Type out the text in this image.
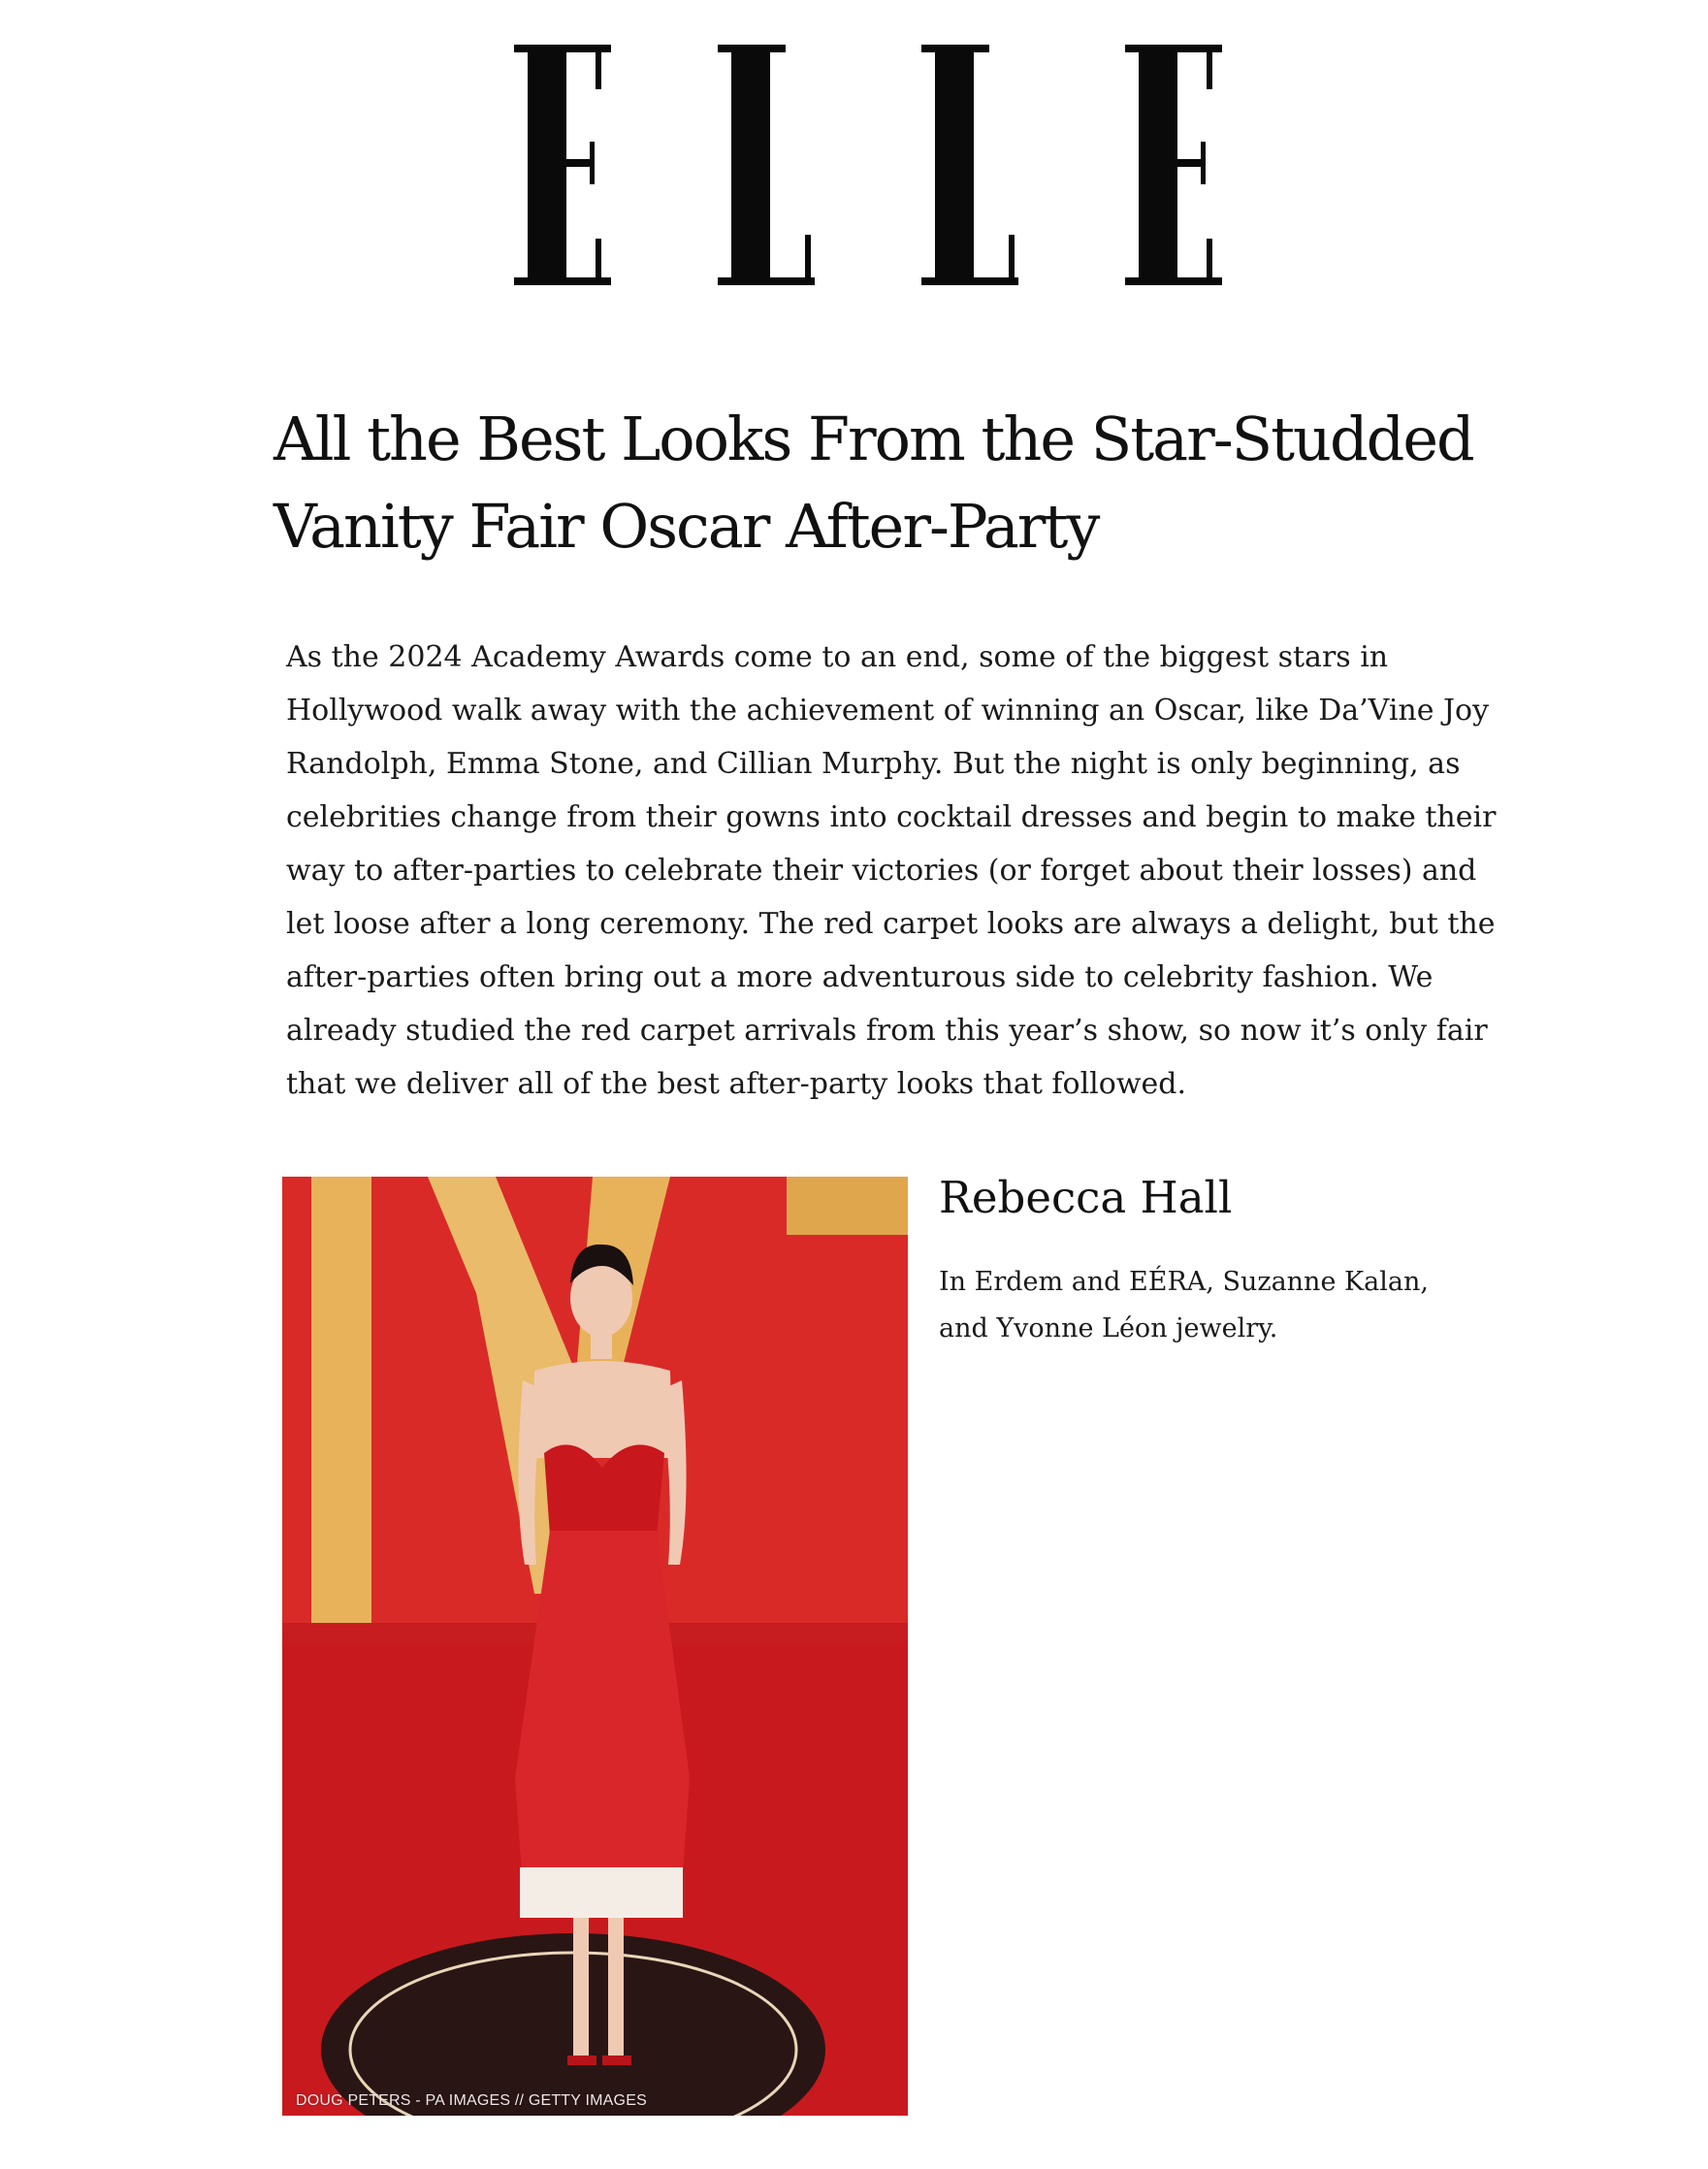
All the Best Looks From the Star-Studded
Vanity Fair Oscar After-Party

As the 2024 Academy Awards come to an end, some of the biggest stars in Hollywood walk away with the achievement of winning an Oscar, like Da’Vine Joy Randolph, Emma Stone, and Cillian Murphy. But the night is only beginning, as celebrities change from their gowns into cocktail dresses and begin to make their way to after-parties to celebrate their victories (or forget about their losses) and let loose after a long ceremony. The red carpet looks are always a delight, but the after-parties often bring out a more adventurous side to celebrity fashion. We already studied the red carpet arrivals from this year’s show, so now it’s only fair that we deliver all of the best after-party looks that followed.

DOUG PETERS - PA IMAGES // GETTY IMAGES
Rebecca Hall

In Erdem and EÉRA, Suzanne Kalan, and Yvonne Léon jewelry.
